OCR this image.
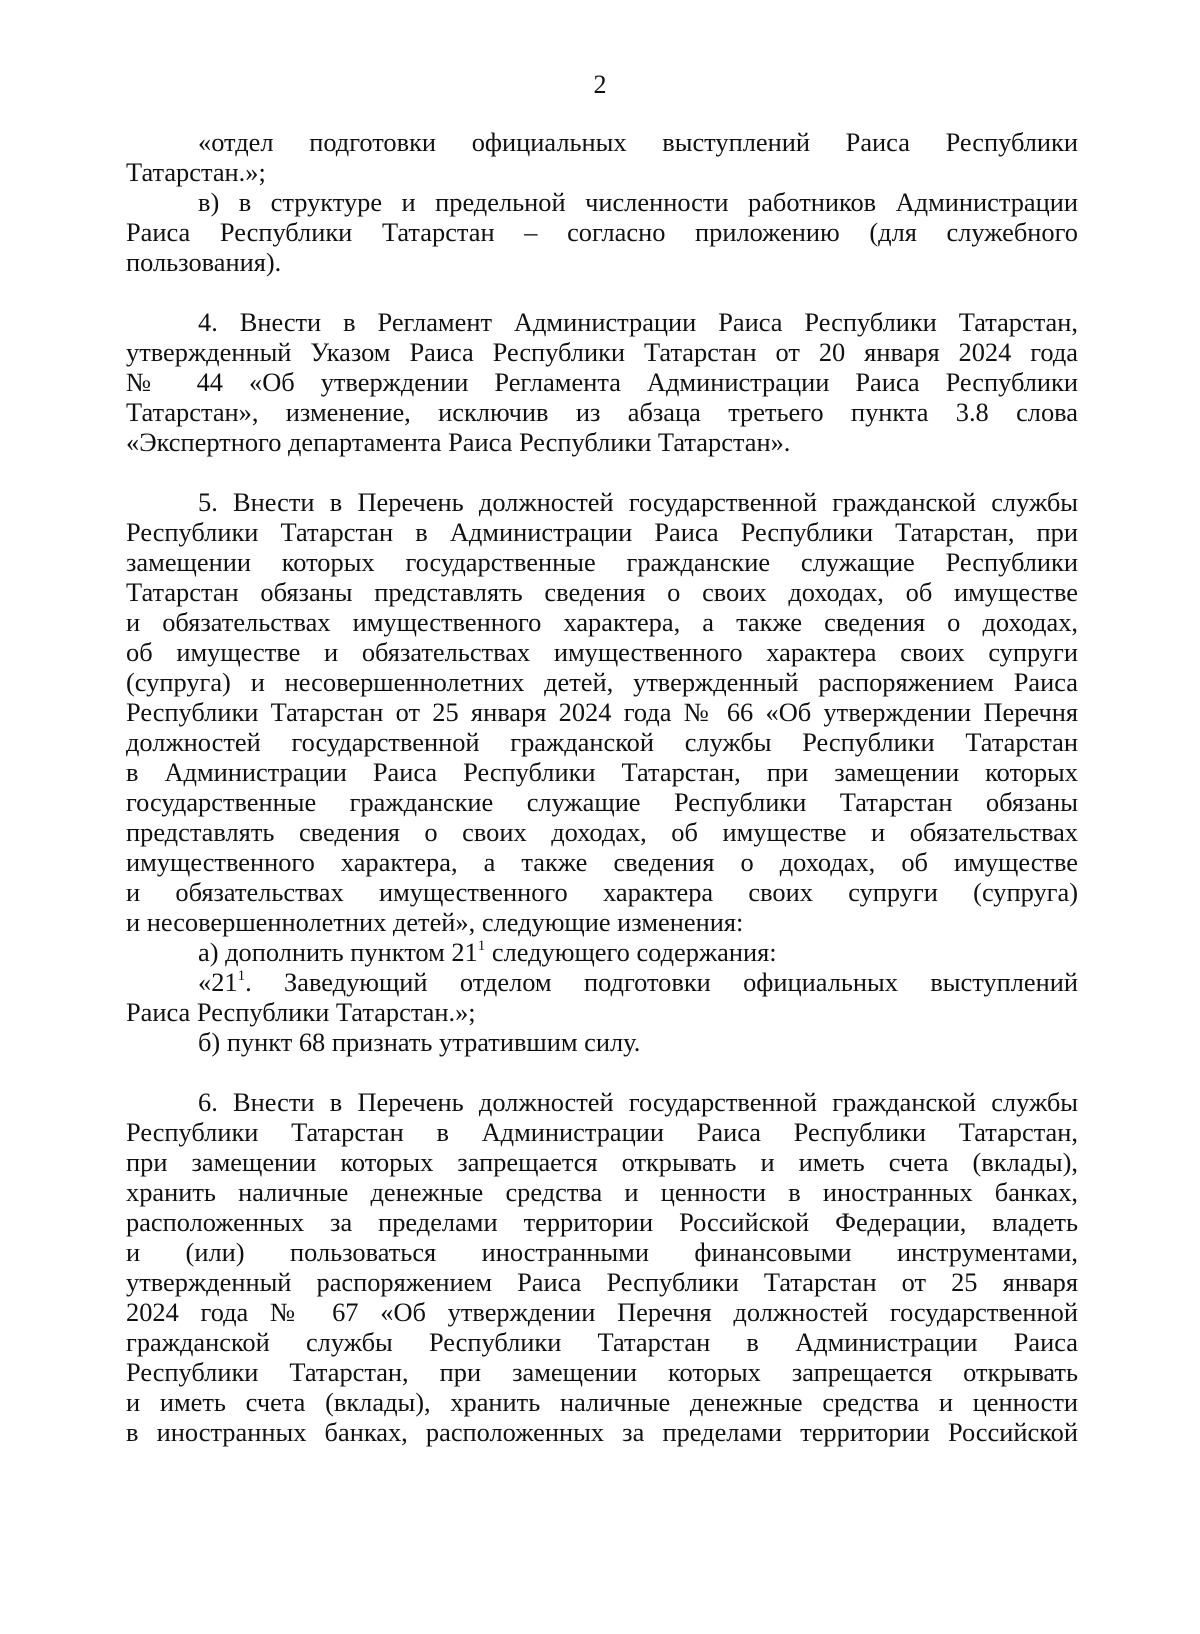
2
«отдел подготовки официальных выступлений Раиса Республики
Татарстан.»;
в) в структуре и предельной численности работников Администрации
Раиса Республики Татарстан – согласно приложению (для служебного
пользования).
4. Внести в Регламент Администрации Раиса Республики Татарстан,
утвержденный Указом Раиса Республики Татарстан от 20 января 2024 года
№ 44 «Об утверждении Регламента Администрации Раиса Республики
Татарстан», изменение, исключив из абзаца третьего пункта 3.8 слова
«Экспертного департамента Раиса Республики Татарстан».
5. Внести в Перечень должностей государственной гражданской службы
Республики Татарстан в Администрации Раиса Республики Татарстан, при
замещении которых государственные гражданские служащие Республики
Татарстан обязаны представлять сведения о своих доходах, об имуществе
и обязательствах имущественного характера, а также сведения о доходах,
об имуществе и обязательствах имущественного характера своих супруги
(супруга) и несовершеннолетних детей, утвержденный распоряжением Раиса
Республики Татарстан от 25 января 2024 года № 66 «Об утверждении Перечня
должностей государственной гражданской службы Республики Татарстан
в Администрации Раиса Республики Татарстан, при замещении которых
государственные гражданские служащие Республики Татарстан обязаны
представлять сведения о своих доходах, об имуществе и обязательствах
имущественного характера, а также сведения о доходах, об имуществе
и обязательствах имущественного характера своих супруги (супруга)
и несовершеннолетних детей», следующие изменения:
а) дополнить пунктом $21^1$ следующего содержания:
«$21^1$. Заведующий отделом подготовки официальных выступлений
Раиса Республики Татарстан.»;
б) пункт 68 признать утратившим силу.
6. Внести в Перечень должностей государственной гражданской службы
Республики Татарстан в Администрации Раиса Республики Татарстан,
при замещении которых запрещается открывать и иметь счета (вклады),
хранить наличные денежные средства и ценности в иностранных банках,
расположенных за пределами территории Российской Федерации, владеть
и (или) пользоваться иностранными финансовыми инструментами,
утвержденный распоряжением Раиса Республики Татарстан от 25 января
2024 года № 67 «Об утверждении Перечня должностей государственной
гражданской службы Республики Татарстан в Администрации Раиса
Республики Татарстан, при замещении которых запрещается открывать
и иметь счета (вклады), хранить наличные денежные средства и ценности
в иностранных банках, расположенных за пределами территории Российской
